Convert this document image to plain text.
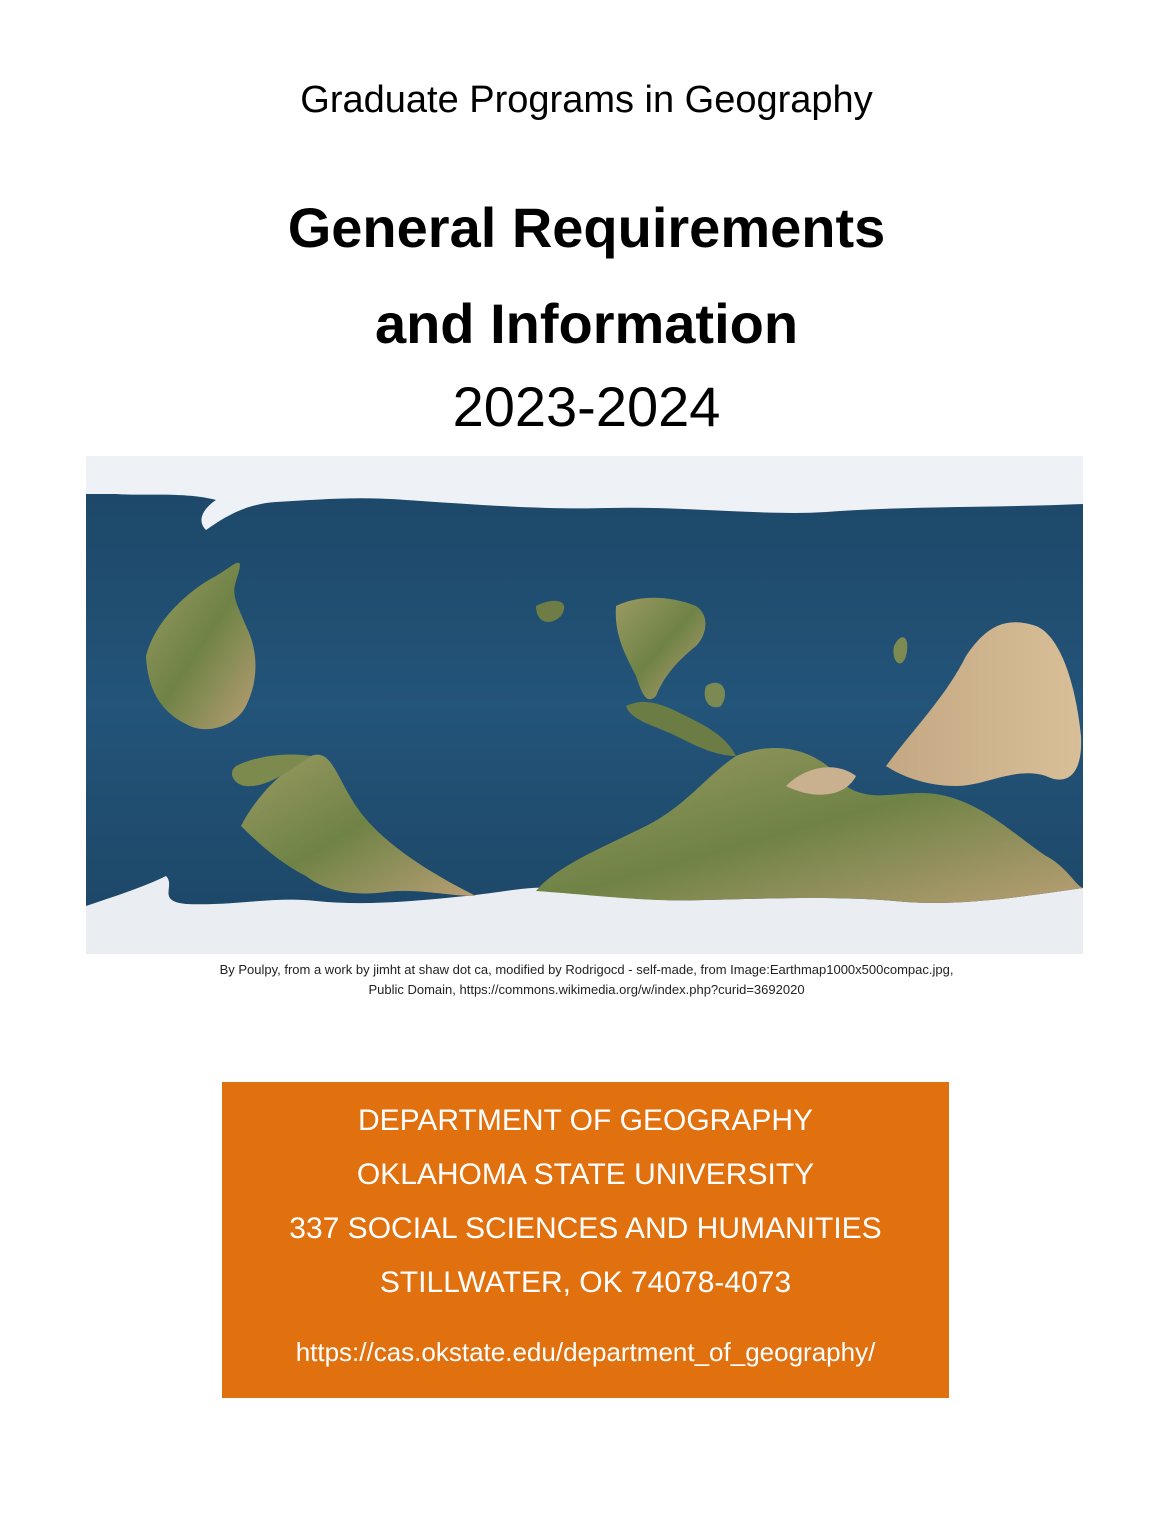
Graduate Programs in Geography
General Requirements
and Information
2023-2024
By Poulpy, from a work by jimht at shaw dot ca, modified by Rodrigocd - self-made, from Image:Earthmap1000x500compac.jpg,
Public Domain, https://commons.wikimedia.org/w/index.php?curid=3692020
DEPARTMENT OF GEOGRAPHY
OKLAHOMA STATE UNIVERSITY
337 SOCIAL SCIENCES AND HUMANITIES
STILLWATER, OK 74078-4073
https://cas.okstate.edu/department_of_geography/
